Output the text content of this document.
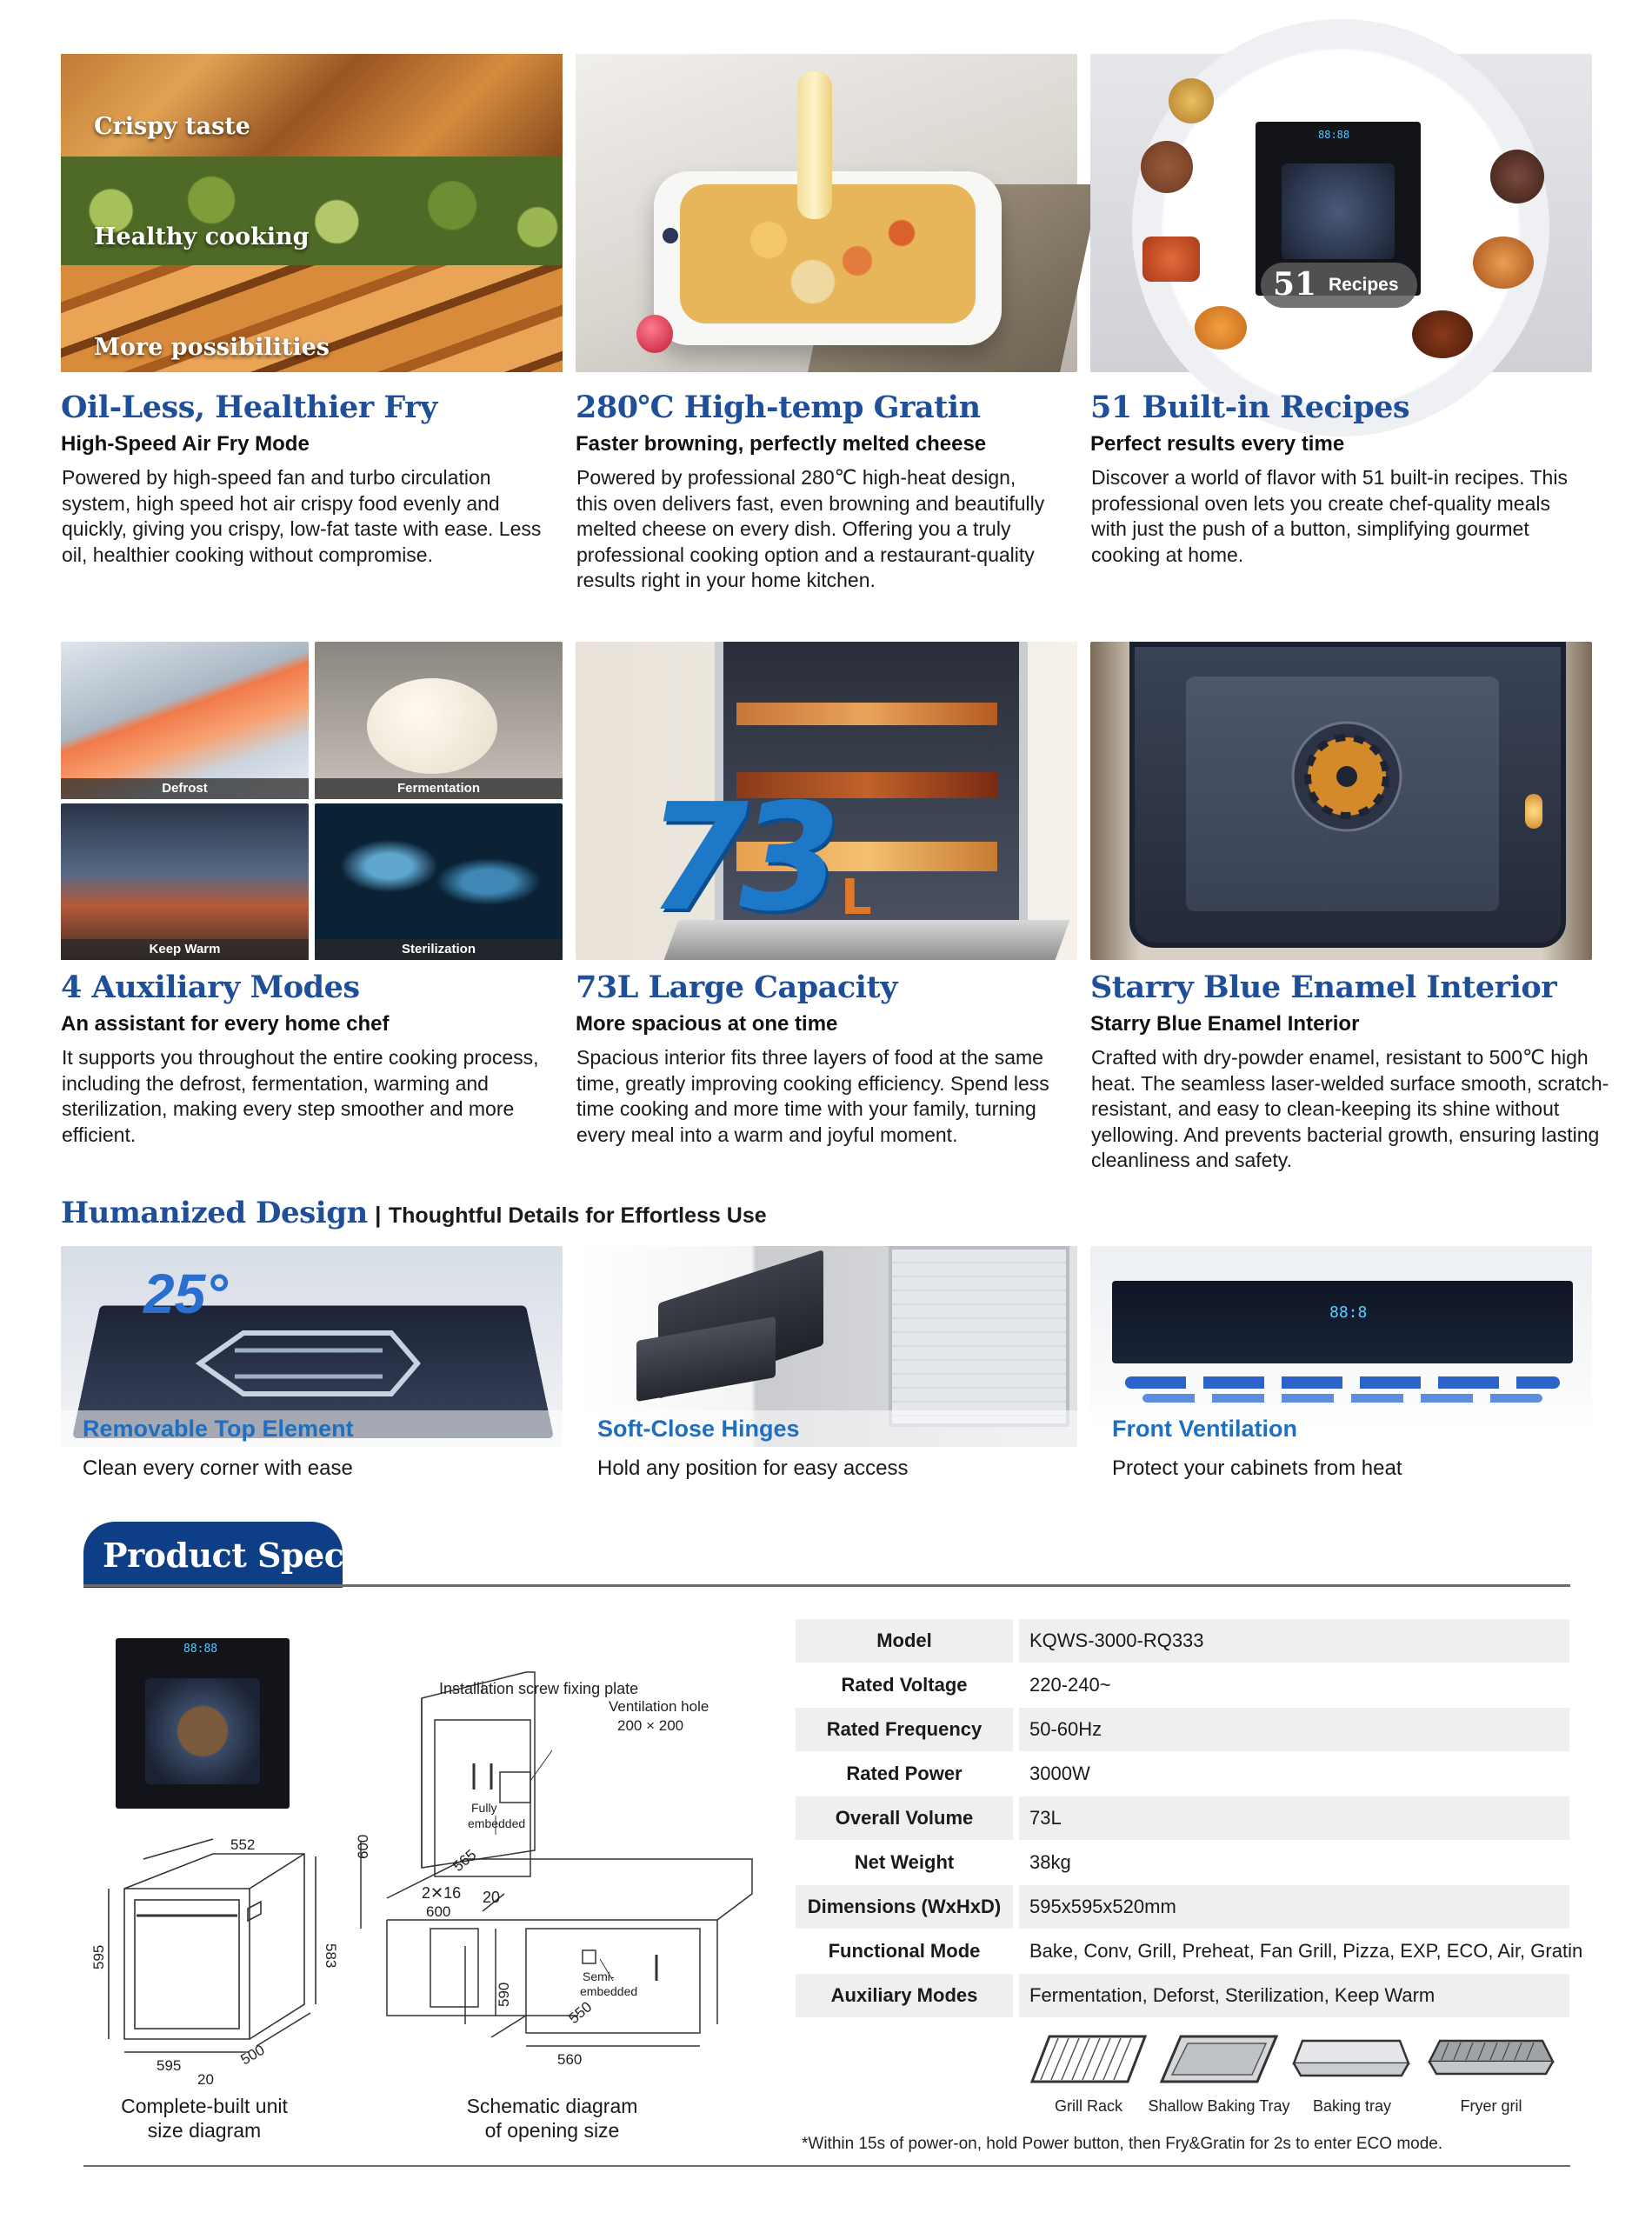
Crispy taste
Healthy cooking
More possibilities
88:88
51 Recipes
Oil-Less, Healthier Fry
High-Speed Air Fry Mode
Powered by high-speed fan and turbo circulation system, high speed hot air crispy food evenly and quickly, giving you crispy, low-fat taste with ease. Less oil, healthier cooking without compromise.
280℃ High-temp Gratin
Faster browning, perfectly melted cheese
Powered by professional 280℃ high-heat design, this oven delivers fast, even browning and beautifully melted cheese on every dish. Offering you a truly professional cooking option and a restaurant-quality results right in your home kitchen.
51 Built-in Recipes
Perfect results every time
Discover a world of flavor with 51 built-in recipes. This professional oven lets you create chef-quality meals with just the push of a button, simplifying gourmet cooking at home.
Defrost	Fermentation
Keep Warm	Sterilization
73
L
4 Auxiliary Modes
An assistant for every home chef
It supports you throughout the entire cooking process, including the defrost, fermentation, warming and sterilization, making every step smoother and more efficient.
73L Large Capacity
More spacious at one time
Spacious interior fits three layers of food at the same time, greatly improving cooking efficiency. Spend less time cooking and more time with your family, turning every meal into a warm and joyful moment.
Starry Blue Enamel Interior
Starry Blue Enamel Interior
Crafted with dry-powder enamel, resistant to 500℃ high heat. The seamless laser-welded surface smooth, scratch-resistant, and easy to clean-keeping its shine without yellowing. And prevents bacterial growth, ensuring lasting cleanliness and safety.
Humanized Design | Thoughtful Details for Effortless Use
25°
Removable Top Element	Soft-Close Hinges
88:8
Front Ventilation
Clean every corner with ease	Hold any position for easy access	Protect your cabinets from heat
Product Spec
88:88
552
595	583
595	500
20
Complete-built unit
size diagram
Installation screw fixing plate
Ventilation hole
200 × 200
Fully
embedded
600	565
2✕16 20
600
Semi-
embedded
590
550
560
Schematic diagram
of opening size
Model	KQWS-3000-RQ333
Rated Voltage	220-240~
Rated Frequency	50-60Hz
Rated Power	3000W
Overall Volume	73L
Net Weight	38kg
Dimensions (WxHxD)	595x595x520mm
Functional Mode	Bake, Conv, Grill, Preheat, Fan Grill, Pizza, EXP, ECO, Air, Gratin
Auxiliary Modes	Fermentation, Deforst, Sterilization, Keep Warm
Grill Rack	Shallow Baking Tray	Baking tray	Fryer gril
*Within 15s of power-on, hold Power button, then Fry&Gratin for 2s to enter ECO mode.
